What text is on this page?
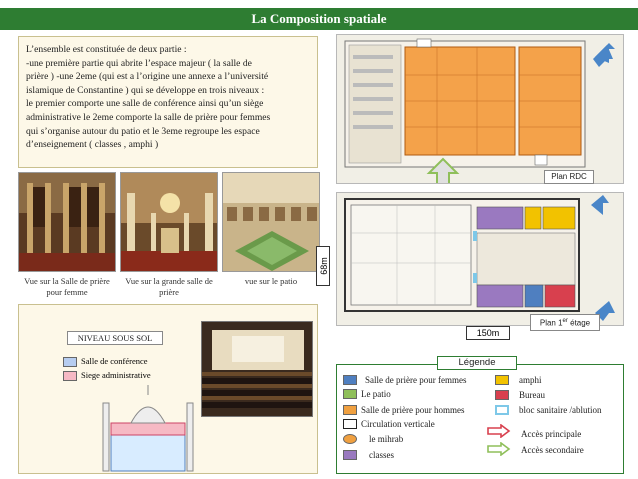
La Composition spatiale
L’ensemble est constituée de deux partie :
-une première partie qui abrite l’espace majeur ( la salle de
prière ) -une 2eme (qui est a l’origine une annexe a l’université
islamique de Constantine ) qui se développe en trois niveaux :
le premier comporte une salle de conférence ainsi qu’un siège
administrative le 2eme comporte la salle de prière pour femmes
qui s’organise autour du patio et le 3eme regroupe les espace
d’enseignement ( classes , amphi )
Vue sur la Salle de prière pour femme
Vue sur la grande salle de prière
vue sur le patio
Plan RDC
Plan 1er étage
68m
150m
NIVEAU SOUS SOL
Salle de conférence
Siege administrative
Légende
Salle de prière pour femmes
Le patio
Salle de prière pour hommes
Circulation verticale
le mihrab
classes
amphi
Bureau
bloc sanitaire /ablution
Accès principale
Accès secondaire
